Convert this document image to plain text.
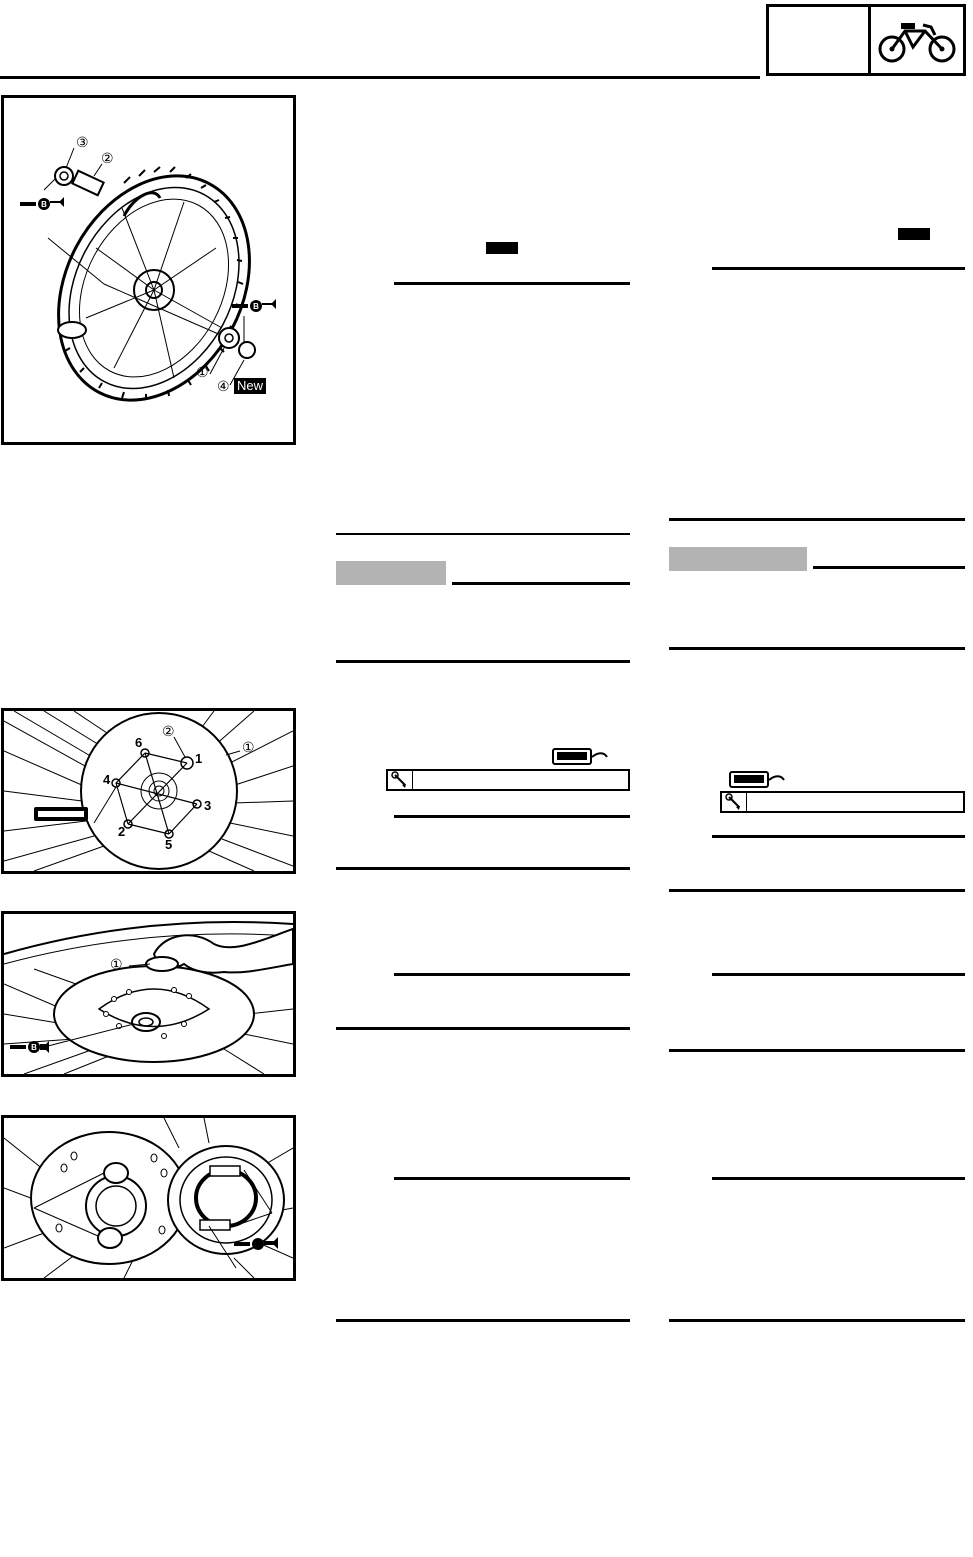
B
B
③
②
①
④ New
②
①
6
1
4
3
2
5
B
①
